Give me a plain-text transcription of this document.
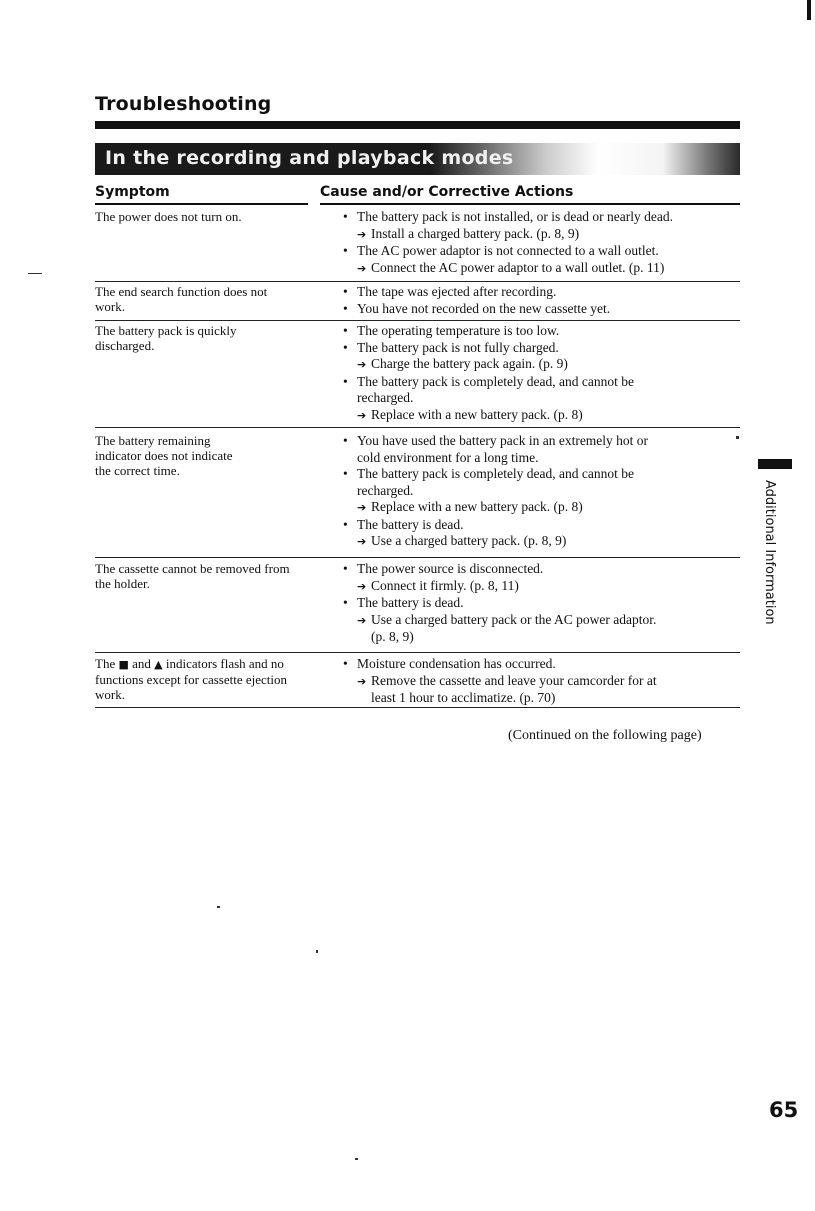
Troubleshooting
In the recording and playback modes
Symptom	Cause and/or Corrective Actions
The power does not turn on.
•	The battery pack is not installed, or is dead or nearly dead.
➔ Install a charged battery pack. (p. 8, 9)
• The AC power adaptor is not connected to a wall outlet.
➔ Connect the AC power adaptor to a wall outlet. (p. 11)
The end search function does not
work.
• The tape was ejected after recording.
• You have not recorded on the new cassette yet.
The battery pack is quickly
discharged.
• The operating temperature is too low.
• The battery pack is not fully charged.
➔ Charge the battery pack again. (p. 9)
• The battery pack is completely dead, and cannot be
recharged.
➔ Replace with a new battery pack. (p. 8)
The battery remaining
indicator does not indicate
the correct time.
• You have used the battery pack in an extremely hot or
cold environment for a long time.
• The battery pack is completely dead, and cannot be
recharged.
➔ Replace with a new battery pack. (p. 8)
• The battery is dead.
➔ Use a charged battery pack. (p. 8, 9)
The cassette cannot be removed from
the holder.
• The power source is disconnected.
➔ Connect it firmly. (p. 8, 11)
• The battery is dead.
➔ Use a charged battery pack or the AC power adaptor.
(p. 8, 9)
The ■ and ▲ indicators flash and no
functions except for cassette ejection
work.
• Moisture condensation has occurred.
➔ Remove the cassette and leave your camcorder for at
least 1 hour to acclimatize. (p. 70)
(Continued on the following page)
Additional Information
65
